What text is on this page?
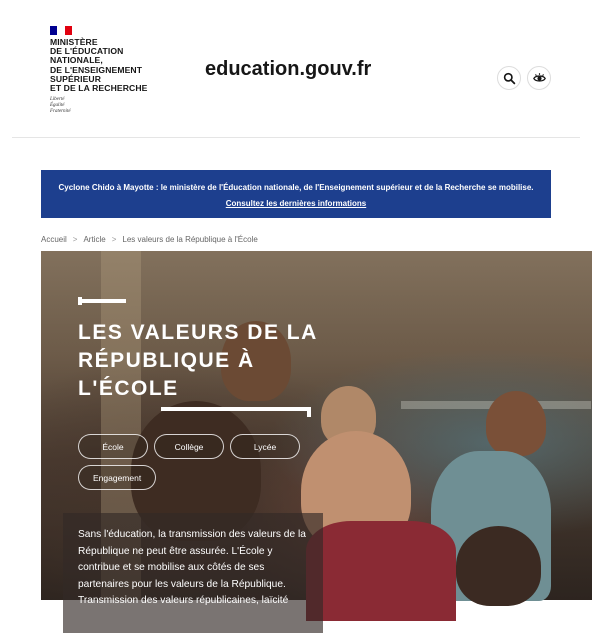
MINISTÈRE
DE L'ÉDUCATION
NATIONALE,
DE L'ENSEIGNEMENT
SUPÉRIEUR
ET DE LA RECHERCHE
Liberté
Égalité
Fraternité
education.gouv.fr
Cyclone Chido à Mayotte : le ministère de l'Éducation nationale, de l'Enseignement supérieur et de la Recherche se mobilise.
Consultez les dernières informations
Accueil > Article > Les valeurs de la République à l'École
LES VALEURS DE LA RÉPUBLIQUE À L'ÉCOLE
École	Collège	Lycée
Engagement

Sans l'éducation, la transmission des valeurs de la République ne peut être assurée. L'École y contribue et se mobilise aux côtés de ses partenaires pour les valeurs de la République. Transmission des valeurs républicaines, laïcité
